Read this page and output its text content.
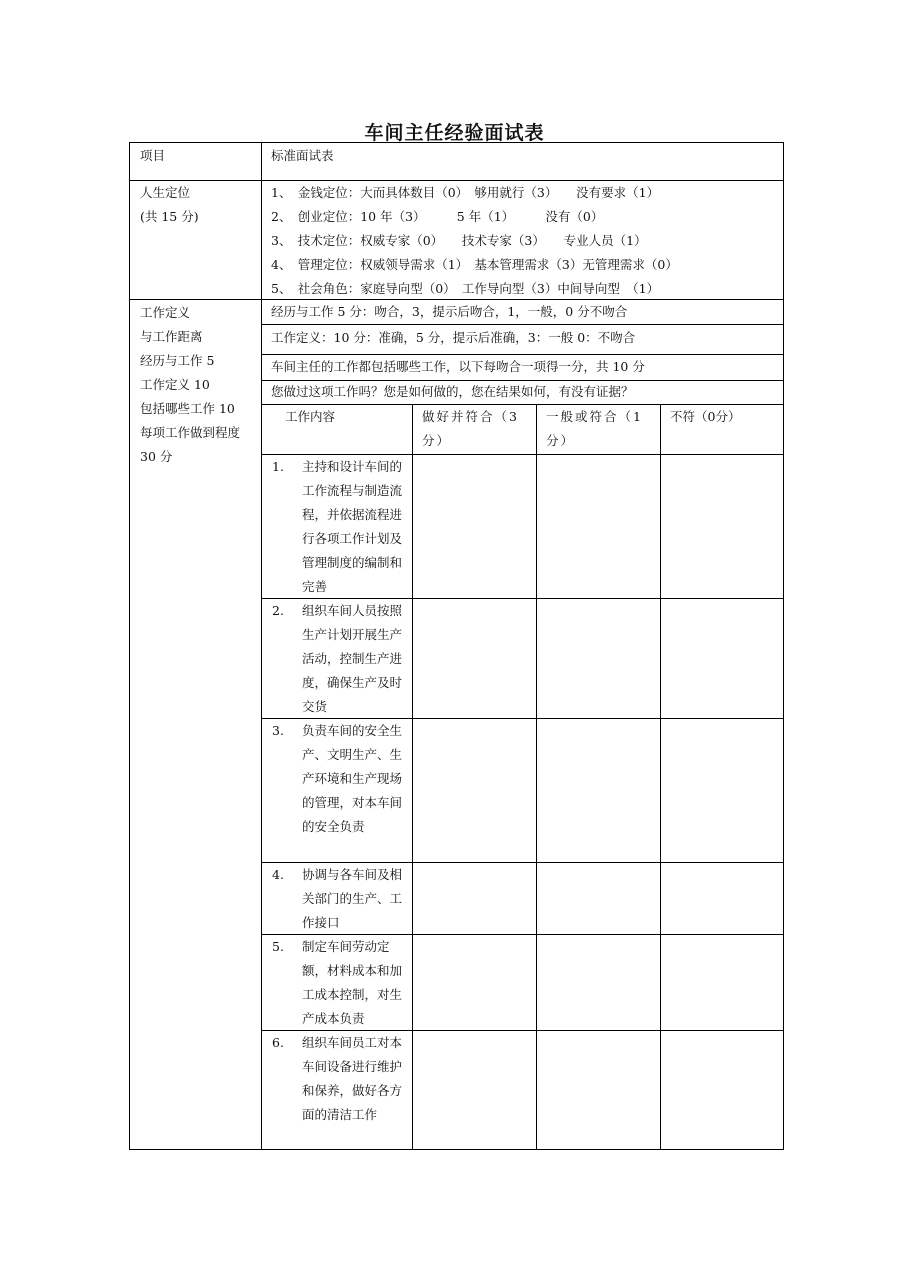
车间主任经验面试表
项目	标准面试表
人生定位
(共 15 分)
1、　金钱定位：大而具体数目（0）　够用就行（3）　　没有要求（1）
2、　创业定位：10 年（3）　　　5 年（1）　　　没有（0）
3、　技术定位：权威专家（0）　　技术专家（3）　　专业人员（1）
4、　管理定位：权威领导需求（1）　基本管理需求（3）无管理需求（0）
5、　社会角色：家庭导向型（0）　工作导向型（3）中间导向型　（1）
工作定义
与工作距离
经历与工作 5
工作定义 10
包括哪些工作 10
每项工作做到程度
30 分
经历与工作 5 分：吻合，3，提示后吻合，1，一般，0 分不吻合
工作定义：10 分：准确，5 分，提示后准确，3：一般 0：不吻合
车间主任的工作都包括哪些工作，以下每吻合一项得一分，共 10 分
您做过这项工作吗？您是如何做的，您在结果如何，有没有证据？
工作内容	做好并符合（3 分）
一般或符合（1 分）
不符（0分）
1. 主持和设计车间的工作流程与制造流程，并依据流程进行各项工作计划及管理制度的编制和完善
2. 组织车间人员按照生产计划开展生产活动，控制生产进度，确保生产及时交货
3. 负责车间的安全生产、文明生产、生产环境和生产现场的管理，对本车间的安全负责
4. 协调与各车间及相关部门的生产、工作接口
5. 制定车间劳动定额，材料成本和加工成本控制，对生产成本负责
6. 组织车间员工对本车间设备进行维护和保养，做好各方面的清洁工作
